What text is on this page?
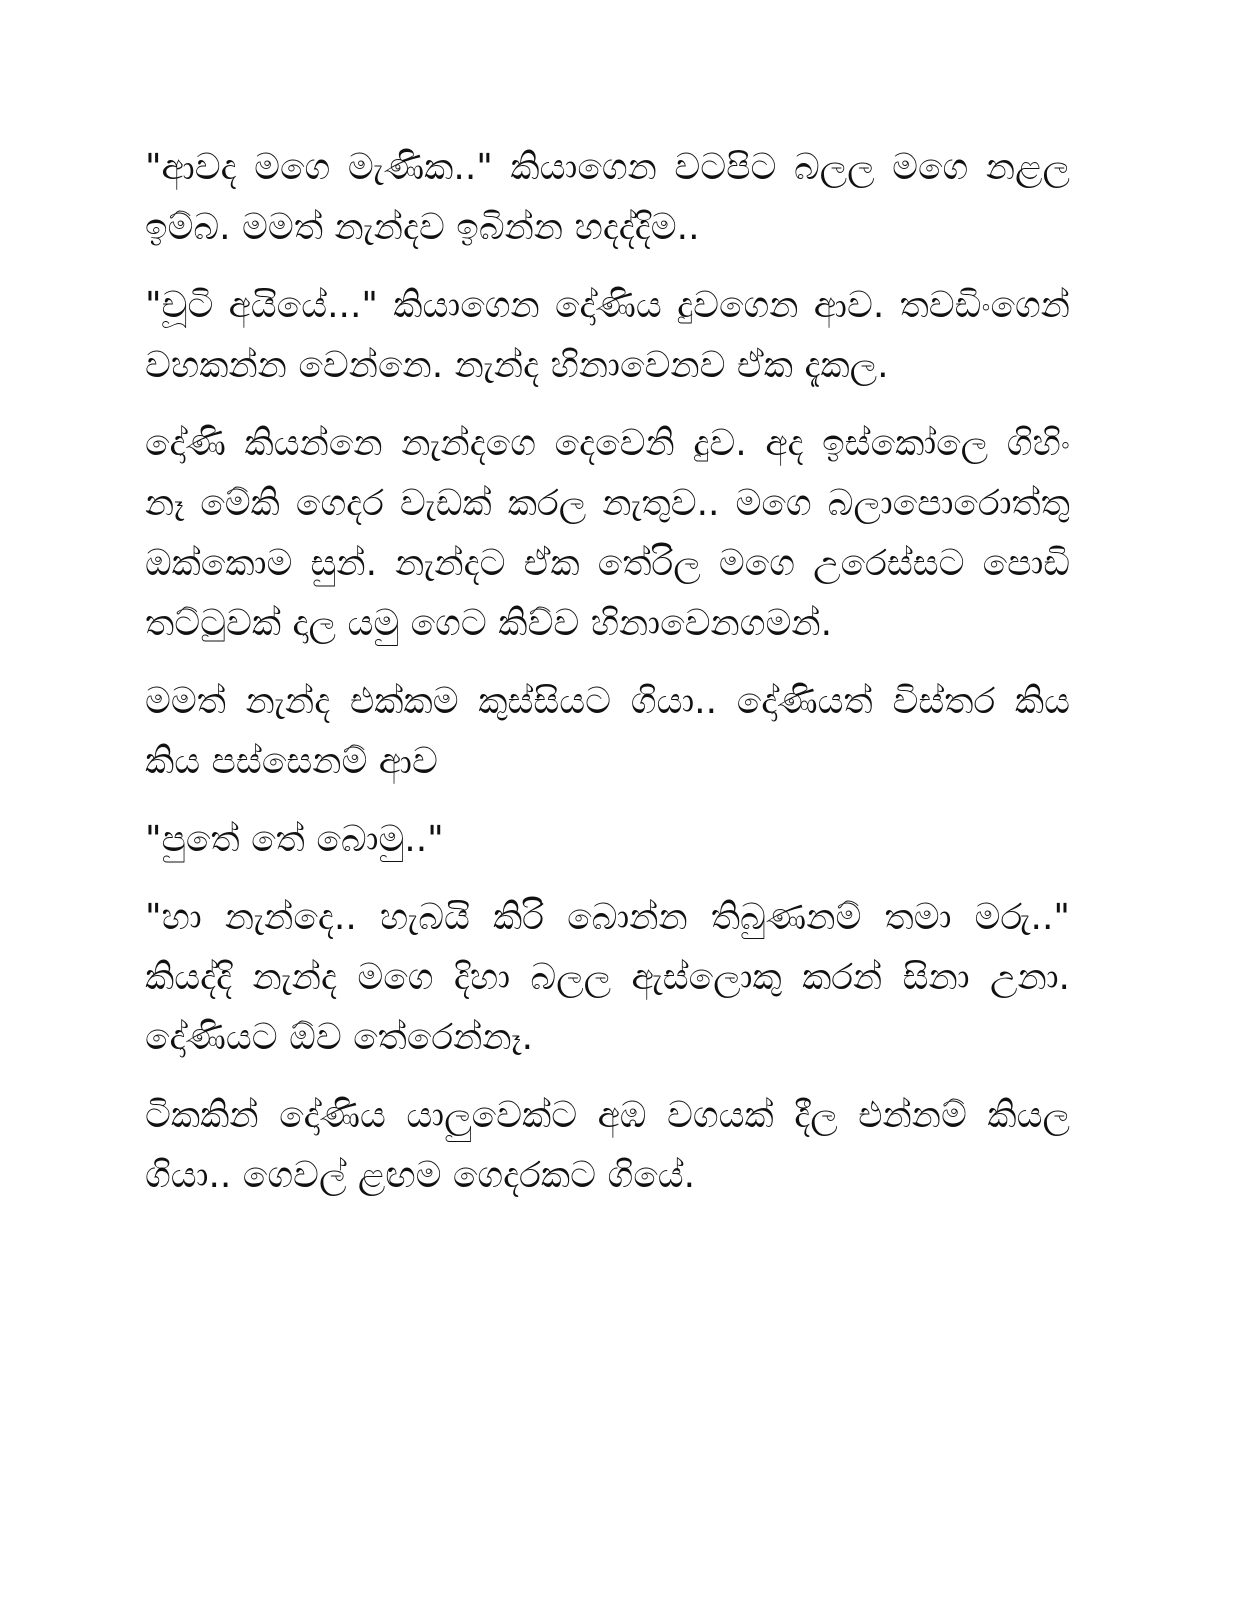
"ආවද මගෙ මැණික.." කියාගෙන වටපිට බලල මගෙ නළල ඉම්බ. මමත් නැන්දව ඉබින්න හදද්දිම..

"චූටි අයියේ..." කියාගෙන දෝණිය දුවගෙන ආව. තවඩිංගෙන් වහකන්න වෙන්නෙ. නැන්ද හිනාවෙනව ඒක දැකල.

දෝණි කියන්නෙ නැන්දගෙ දෙවෙනි දුව. අද ඉස්කෝලෙ ගිහිං නෑ මේකි ගෙදර වැඩක් කරල නැතුව.. මගෙ බලාපොරොත්තු ඔක්කොම සුන්. නැන්දට ඒක තේරිල මගෙ උරෙස්සට පොඩි තට්ටුවක් දාල යමු ගෙට කිව්ව හිනාවෙනගමන්.

මමත් නැන්ද එක්කම කුස්සියට ගියා.. දෝණියත් විස්තර කිය කිය පස්සෙනම් ආව

"පුතේ තේ බොමු.."

"හා නැන්දෙ.. හැබයි කිරි බොන්න තිබුණනම් තමා මරු.." කියද්දි නැන්ද මගෙ දිහා බලල ඇස්ලොකු කරන් සිනා උනා. දෝණියට ඕව තේරෙන්නෑ.

ටිකකින් දෝණිය යාලුවෙක්ට අඹ වගයක් දීල එන්නම් කියල ගියා.. ගෙවල් ළඟම ගෙදරකට ගියේ.
